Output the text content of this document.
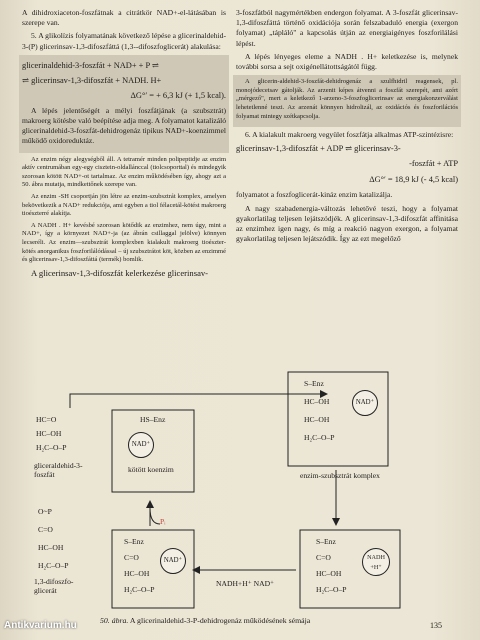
A dihidroxiaceton-foszfátnak a citrátkör NAD+-el-látásában is szerepe van.

5. A glikolízis folyamatának következő lépése a glicerinaldehid-3-(P) glicerinsav-1,3-difoszfáttá (1,3--difoszfoglicerát) alakulása:

glicerinaldehid-3-foszfát + NAD+ + P ⇌

⇌ glicerinsav-1,3-difoszfát + NADH. H+

ΔG°′ = + 6,3 kJ (+ 1,5 kcal).

A lépés jelentőségét a mélyi foszfátjának (a szubsztrát) makroerg kötésbe való beépítése adja meg. A folyamatot katalizáló glicerinaldehid-3-foszfát-dehidrogenáz tipikus NAD+-koenzimmel működő oxidoreduktáz.

Az enzim négy alegységből áll. A tetramér minden polipeptidje az enzim aktív centrumában egy-egy cisztein-oldallánccal (tiolcsoporttal) és mindegyik szorosan kötött NAD+-ot tartalmaz. Az enzim működésében így, ahogy azt a 50. ábra mutatja, mindkettőnek szerepe van.

Az enzim -SH csoportján jön létre az enzim-szubsztrát komplex, amelyen bekövetkezik a NAD+ redukciója, ami egyben a tiol félacetál-kötést makroerg tioészterré alakítja.

A NADH . H+ kevésbé szorosan kötődik az enzimhez, nem úgy, mint a NAD+, így a környezet NAD+-ja (az ábrán csillaggal jelölve) könnyen lecseréli. Az enzim—szubsztrát komplexben kialakult makroerg tioészter-kötés anorganikus foszforilálódással – új szubsztrátot köt, közben az enzimmé és glicerinsav-1,3-difoszfáttá (termék) bomlik.

A glicerinsav-1,3-difoszfát kelerkezése glicerinsav-

3-foszfátból nagymértékben endergon folyamat. A 3-foszfát glicerinsav-1,3-difoszfáttá történő oxidációja során felszabaduló energia (exergon folyamat) „tápláló" a kapcsolás útján az energiaigényes foszforilálási lépést.

A lépés lényeges eleme a NADH . H+ keletkezése is, melynek további sorsa a sejt oxigénellátottságától függ.

A glicerin-aldehid-3-foszfát-dehidrogenáz a szulfhidril reagensek, pl. monojódecetsav gátolják. Az arzenit képes átvenni a foszfát szerepét, ami azért „mérgező", mert a keletkező 1-arzeno-3-foszfoglicerinsav az energiakonzerválást lehetetlenné teszi. Az arzenát könnyen hidrolizál, az oxidációs és foszforilációs folyamat mintegy szétkapcsolja.

6. A kialakult makroerg vegyület foszfátja alkalmas ATP-szintézisre:

glicerinsav-1,3-difoszfát + ADP ⇌ glicerinsav-3-

-foszfát + ATP

ΔG°′ = 18,9 kJ (- 4,5 kcal)

folyamatot a foszfoglicerát-kináz enzim katalizálja.

A nagy szabadenergia-változás lehetővé teszi, hogy a folyamat gyakorlatilag teljesen lejátszódjék. A glicerinsav-1,3-difoszfát affinitása az enzimhez igen nagy, és míg a reakció nagyon exergon, a folyamat gyakorlatilag teljesen lejátszódik. Így az ezt megelőző

HC=O
HC–OH
H₂C–O–P
gliceraldehid-3-foszfát
HS–Enz
NAD⁺
kötött koenzim
S–Enz
HC–OH
HC–OH
H₂C–O–P
NAD⁺
enzim-szubsztrát komplex
Pᵢ
O~P
C=O
HC–OH
H₂C–O–P
1,3-difoszfo-glicerát
S–Enz
C=O
HC–OH
H₂C–O–P
NAD⁺
S–Enz
C=O
HC–OH
H₂C–O–P
NADH +H⁺
NADH+H⁺ NAD⁺
50. ábra. A glicerinaldehid-3-P-dehidrogenáz működésének sémája
135
Antikvarium.hu
